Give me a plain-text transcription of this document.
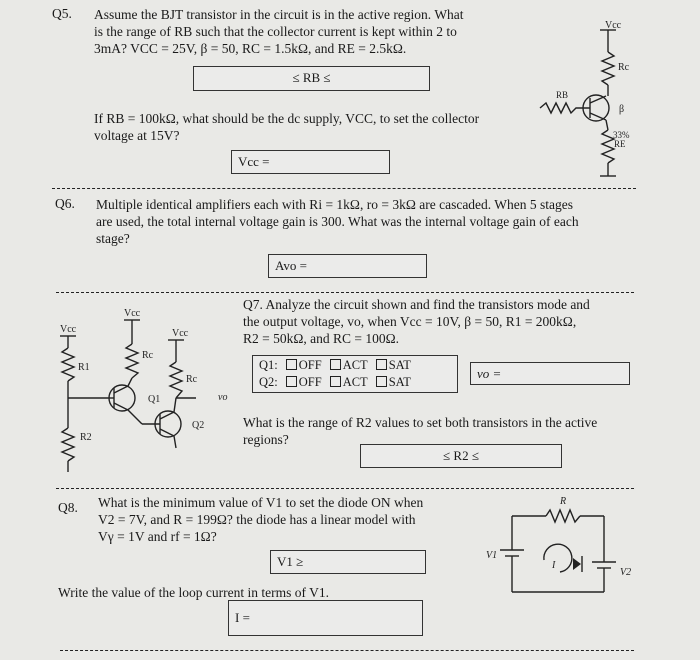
Q5. Assume the BJT transistor in the circuit is in the active region. What
is the range of RB such that the collector current is kept within 2 to
3mA? VCC = 25V, β = 50, RC = 1.5kΩ, and RE = 2.5kΩ.
≤ RB ≤
If RB = 100kΩ, what should be the dc supply, VCC, to set the collector
voltage at 15V?
Vcc =
Vcc
Rc
RB
β
33%
RE
Q6. Multiple identical amplifiers each with Ri = 1kΩ, ro = 3kΩ are cascaded. When 5 stages
are used, the total internal voltage gain is 300. What was the internal voltage gain of each
stage?
Avo =
Q7. Analyze the circuit shown and find the transistors mode and
the output voltage, vo, when Vcc = 10V, β = 50, R1 = 200kΩ,
R2 = 50kΩ, and RC = 100Ω.
Q1: OFF ACT SAT
Q2: OFF ACT SAT
vo =
What is the range of R2 values to set both transistors in the active
regions?
≤ R2 ≤
Vcc
Vcc
Vcc
Rc
Rc
R1
R2
Q1
Q2
vo
Q8. What is the minimum value of V1 to set the diode ON when
V2 = 7V, and R = 199Ω? the diode has a linear model with
Vγ = 1V and rf = 1Ω?
V1 ≥
Write the value of the loop current in terms of V1.
I =
R
V1
V2
I
